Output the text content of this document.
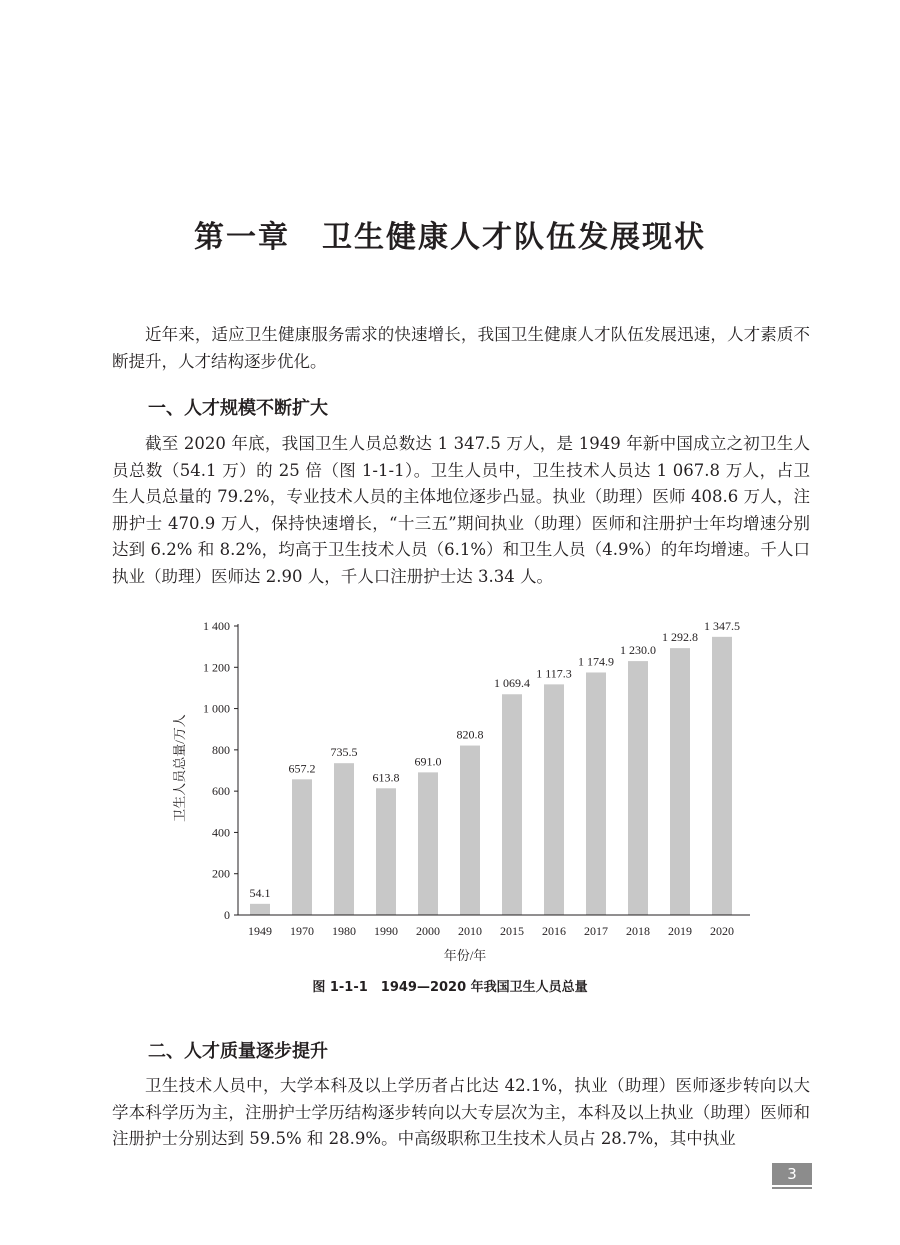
第一章　卫生健康人才队伍发展现状

近年来，适应卫生健康服务需求的快速增长，我国卫生健康人才队伍发展迅速，人才素质不断提升，人才结构逐步优化。

一、人才规模不断扩大

截至 2020 年底，我国卫生人员总数达 1 347.5 万人，是 1949 年新中国成立之初卫生人员总数（54.1 万）的 25 倍（图 1-1-1）。卫生人员中，卫生技术人员达 1 067.8 万人，占卫生人员总量的 79.2%，专业技术人员的主体地位逐步凸显。执业（助理）医师 408.6 万人，注册护士 470.9 万人，保持快速增长，“十三五”期间执业（助理）医师和注册护士年均增速分别达到 6.2% 和 8.2%，均高于卫生技术人员（6.1%）和卫生人员（4.9%）的年均增速。千人口执业（助理）医师达 2.90 人，千人口注册护士达 3.34 人。

0
200
400
600
800
1 000
1 200
1 400
54.1
657.2
735.5
613.8
691.0
820.8
1 069.4
1 117.3
1 174.9
1 230.0
1 292.8
1 347.5
1949 1970 1980 1990 2000 2010 2015 2016 2017 2018 2019 2020
卫生人员总量/万人
年份/年
图 1-1-1　1949—2020 年我国卫生人员总量
二、人才质量逐步提升

卫生技术人员中，大学本科及以上学历者占比达 42.1%，执业（助理）医师逐步转向以大学本科学历为主，注册护士学历结构逐步转向以大专层次为主，本科及以上执业（助理）医师和注册护士分别达到 59.5% 和 28.9%。中高级职称卫生技术人员占 28.7%，其中执业

3
